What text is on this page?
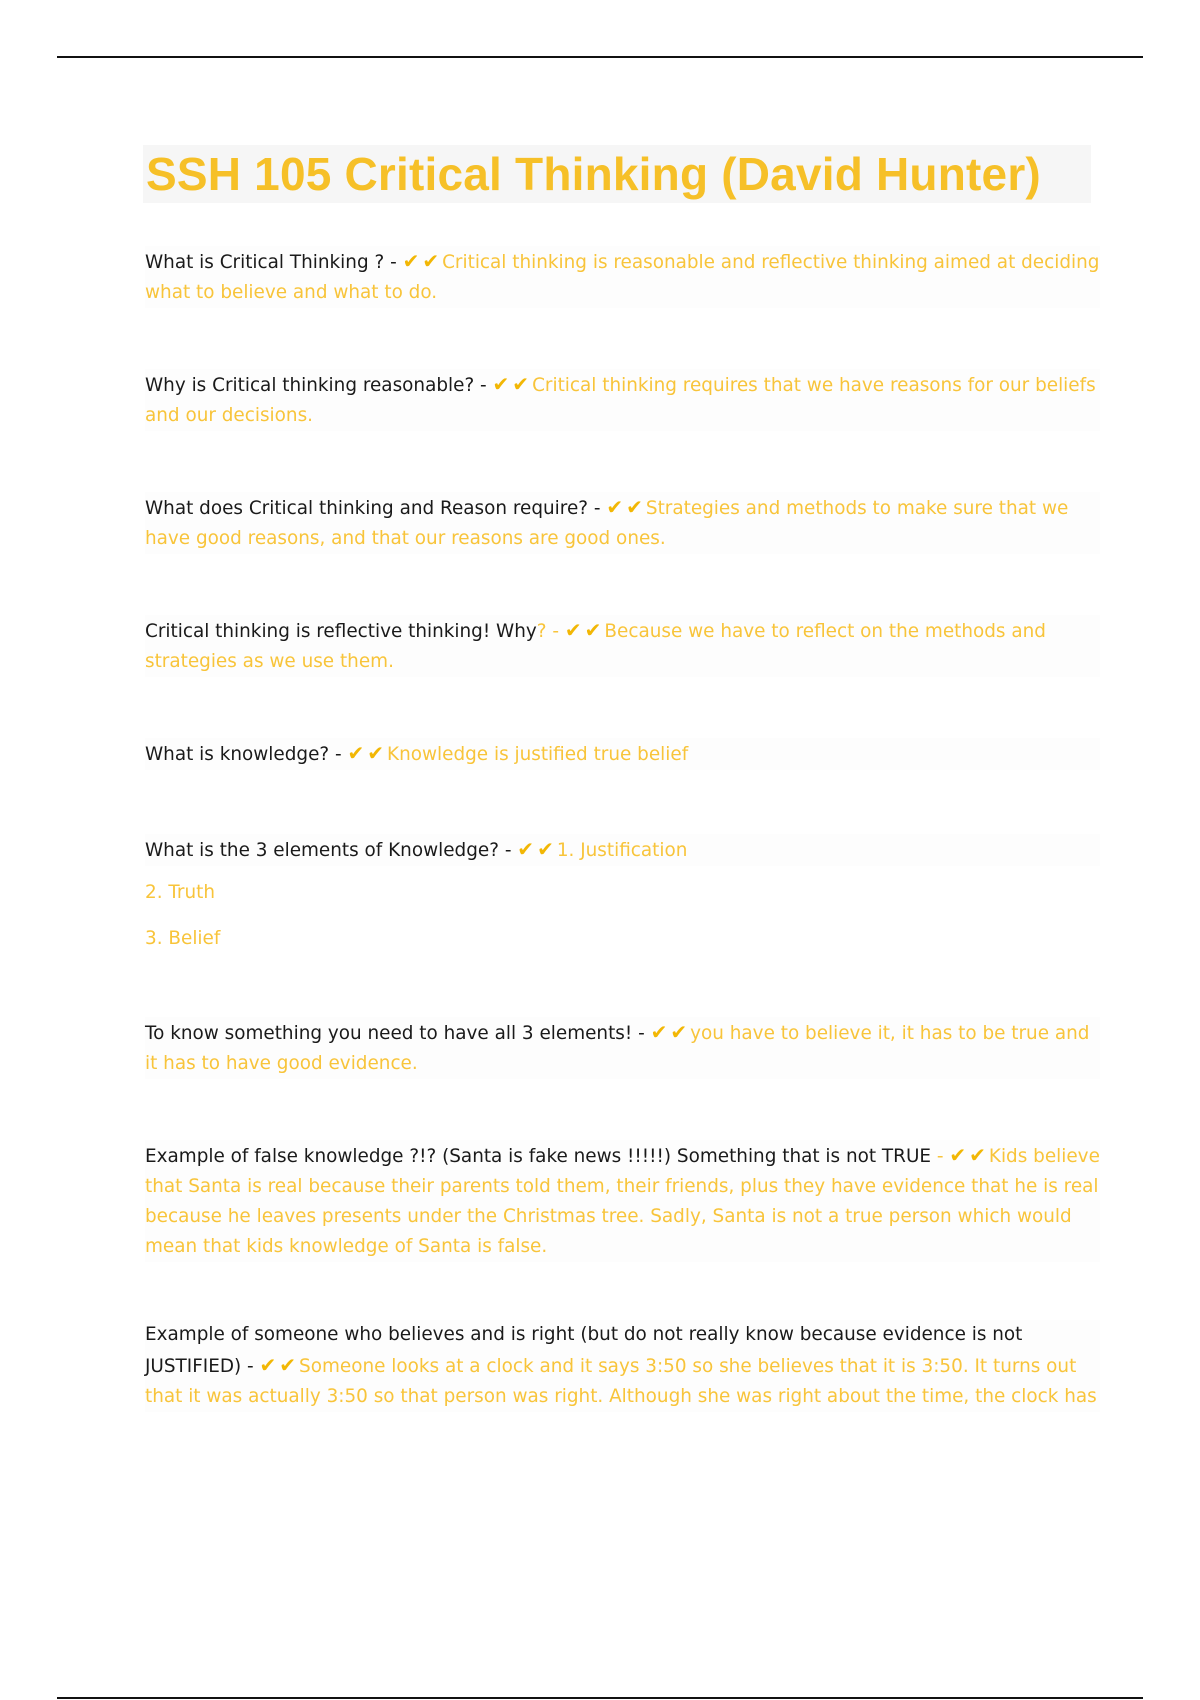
SSH 105 Critical Thinking (David Hunter)
What is Critical Thinking ? - ✔ ✔ Critical thinking is reasonable and reflective thinking aimed at deciding what to believe and what to do.
Why is Critical thinking reasonable? - ✔ ✔ Critical thinking requires that we have reasons for our beliefs and our decisions.
What does Critical thinking and Reason require? - ✔ ✔ Strategies and methods to make sure that we have good reasons, and that our reasons are good ones.
Critical thinking is reflective thinking! Why? - ✔ ✔ Because we have to reflect on the methods and strategies as we use them.
What is knowledge? - ✔ ✔ Knowledge is justified true belief
What is the 3 elements of Knowledge? - ✔ ✔ 1. Justification
2. Truth
3. Belief
To know something you need to have all 3 elements! - ✔ ✔ you have to believe it, it has to be true and it has to have good evidence.
Example of false knowledge ?!? (Santa is fake news !!!!!) Something that is not TRUE - ✔ ✔ Kids believe that Santa is real because their parents told them, their friends, plus they have evidence that he is real because he leaves presents under the Christmas tree. Sadly, Santa is not a true person which would mean that kids knowledge of Santa is false.
Example of someone who believes and is right (but do not really know because evidence is not JUSTIFIED) - ✔ ✔ Someone looks at a clock and it says 3:50 so she believes that it is 3:50. It turns out that it was actually 3:50 so that person was right. Although she was right about the time, the clock has
